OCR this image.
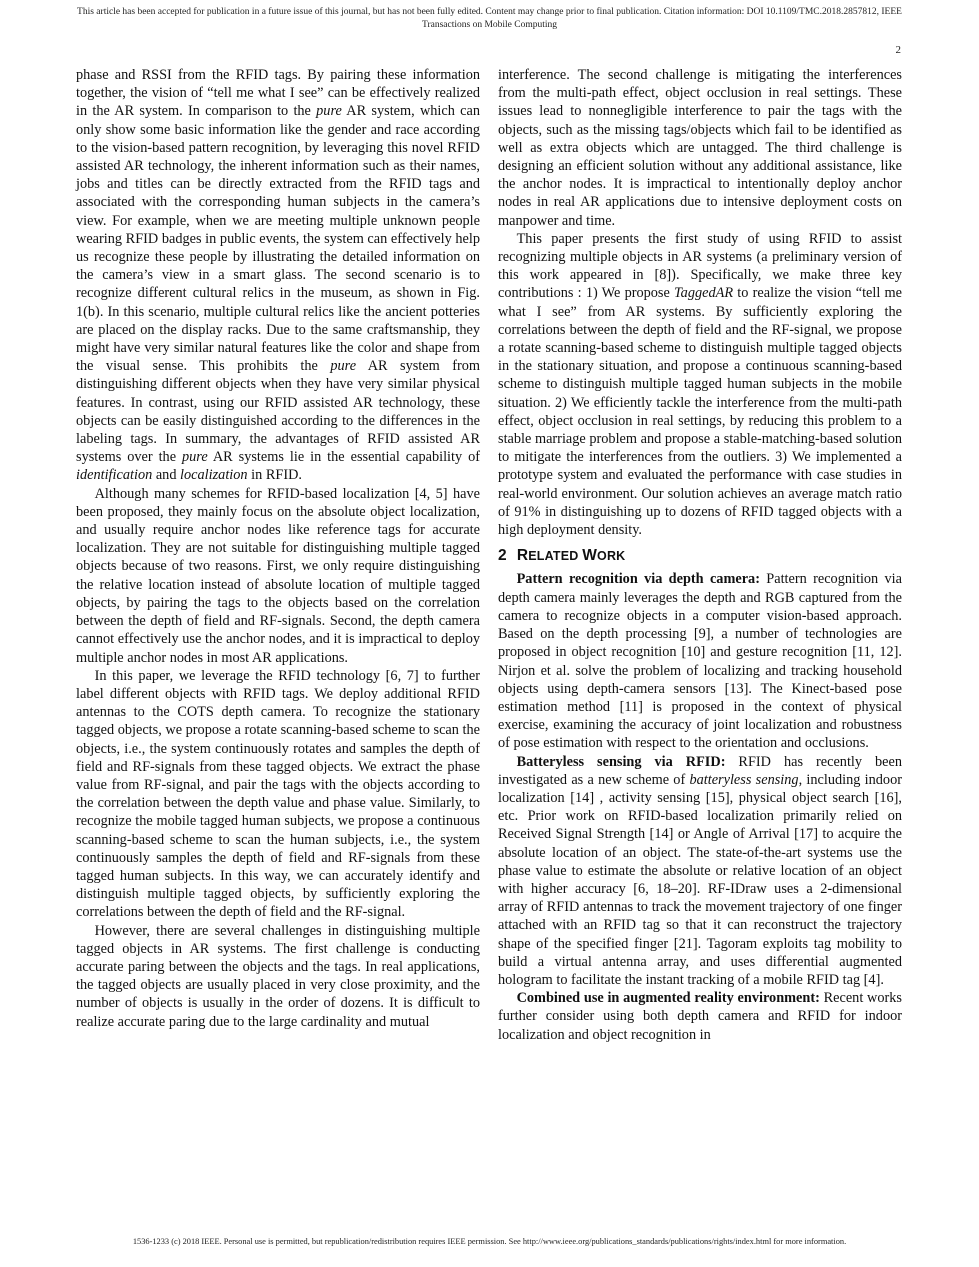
This article has been accepted for publication in a future issue of this journal, but has not been fully edited. Content may change prior to final publication. Citation information: DOI 10.1109/TMC.2018.2857812, IEEE
Transactions on Mobile Computing
2

phase and RSSI from the RFID tags. By pairing these information together, the vision of “tell me what I see” can be effectively realized in the AR system. In comparison to the pure AR system, which can only show some basic information like the gender and race according to the vision-based pattern recognition, by leveraging this novel RFID assisted AR technology, the inherent information such as their names, jobs and titles can be directly extracted from the RFID tags and associated with the corresponding human subjects in the camera’s view. For example, when we are meeting multiple unknown people wearing RFID badges in public events, the system can effectively help us recognize these people by illustrating the detailed information on the camera’s view in a smart glass. The second scenario is to recognize different cultural relics in the museum, as shown in Fig. 1(b). In this scenario, multiple cultural relics like the ancient potteries are placed on the display racks. Due to the same craftsmanship, they might have very similar natural features like the color and shape from the visual sense. This prohibits the pure AR system from distinguishing different objects when they have very similar physical features. In contrast, using our RFID assisted AR technology, these objects can be easily distinguished according to the differences in the labeling tags. In summary, the advantages of RFID assisted AR systems over the pure AR systems lie in the essential capability of identification and localization in RFID.

Although many schemes for RFID-based localization [4, 5] have been proposed, they mainly focus on the absolute object localization, and usually require anchor nodes like reference tags for accurate localization. They are not suitable for distinguishing multiple tagged objects because of two reasons. First, we only require distinguishing the relative location instead of absolute location of multiple tagged objects, by pairing the tags to the objects based on the correlation between the depth of field and RF-signals. Second, the depth camera cannot effectively use the anchor nodes, and it is impractical to deploy multiple anchor nodes in most AR applications.

In this paper, we leverage the RFID technology [6, 7] to further label different objects with RFID tags. We deploy additional RFID antennas to the COTS depth camera. To recognize the stationary tagged objects, we propose a rotate scanning-based scheme to scan the objects, i.e., the system continuously rotates and samples the depth of field and RF-signals from these tagged objects. We extract the phase value from RF-signal, and pair the tags with the objects according to the correlation between the depth value and phase value. Similarly, to recognize the mobile tagged human subjects, we propose a continuous scanning-based scheme to scan the human subjects, i.e., the system continuously samples the depth of field and RF-signals from these tagged human subjects. In this way, we can accurately identify and distinguish multiple tagged objects, by sufficiently exploring the correlations between the depth of field and the RF-signal.

However, there are several challenges in distinguishing multiple tagged objects in AR systems. The first challenge is conducting accurate paring between the objects and the tags. In real applications, the tagged objects are usually placed in very close proximity, and the number of objects is usually in the order of dozens. It is difficult to realize accurate paring due to the large cardinality and mutual

interference. The second challenge is mitigating the interferences from the multi-path effect, object occlusion in real settings. These issues lead to nonnegligible interference to pair the tags with the objects, such as the missing tags/objects which fail to be identified as well as extra objects which are untagged. The third challenge is designing an efficient solution without any additional assistance, like the anchor nodes. It is impractical to intentionally deploy anchor nodes in real AR applications due to intensive deployment costs on manpower and time.

This paper presents the first study of using RFID to assist recognizing multiple objects in AR systems (a preliminary version of this work appeared in [8]). Specifically, we make three key contributions : 1) We propose TaggedAR to realize the vision “tell me what I see” from AR systems. By sufficiently exploring the correlations between the depth of field and the RF-signal, we propose a rotate scanning-based scheme to distinguish multiple tagged objects in the stationary situation, and propose a continuous scanning-based scheme to distinguish multiple tagged human subjects in the mobile situation. 2) We efficiently tackle the interference from the multi-path effect, object occlusion in real settings, by reducing this problem to a stable marriage problem and propose a stable-matching-based solution to mitigate the interferences from the outliers. 3) We implemented a prototype system and evaluated the performance with case studies in real-world environment. Our solution achieves an average match ratio of 91% in distinguishing up to dozens of RFID tagged objects with a high deployment density.

2 RELATED WORK

Pattern recognition via depth camera: Pattern recognition via depth camera mainly leverages the depth and RGB captured from the camera to recognize objects in a computer vision-based approach. Based on the depth processing [9], a number of technologies are proposed in object recognition [10] and gesture recognition [11, 12]. Nirjon et al. solve the problem of localizing and tracking household objects using depth-camera sensors [13]. The Kinect-based pose estimation method [11] is proposed in the context of physical exercise, examining the accuracy of joint localization and robustness of pose estimation with respect to the orientation and occlusions.

Batteryless sensing via RFID: RFID has recently been investigated as a new scheme of batteryless sensing, including indoor localization [14] , activity sensing [15], physical object search [16], etc. Prior work on RFID-based localization primarily relied on Received Signal Strength [14] or Angle of Arrival [17] to acquire the absolute location of an object. The state-of-the-art systems use the phase value to estimate the absolute or relative location of an object with higher accuracy [6, 18–20]. RF-IDraw uses a 2-dimensional array of RFID antennas to track the movement trajectory of one finger attached with an RFID tag so that it can reconstruct the trajectory shape of the specified finger [21]. Tagoram exploits tag mobility to build a virtual antenna array, and uses differential augmented hologram to facilitate the instant tracking of a mobile RFID tag [4].

Combined use in augmented reality environment: Recent works further consider using both depth camera and RFID for indoor localization and object recognition in

1536-1233 (c) 2018 IEEE. Personal use is permitted, but republication/redistribution requires IEEE permission. See http://www.ieee.org/publications_standards/publications/rights/index.html for more information.
